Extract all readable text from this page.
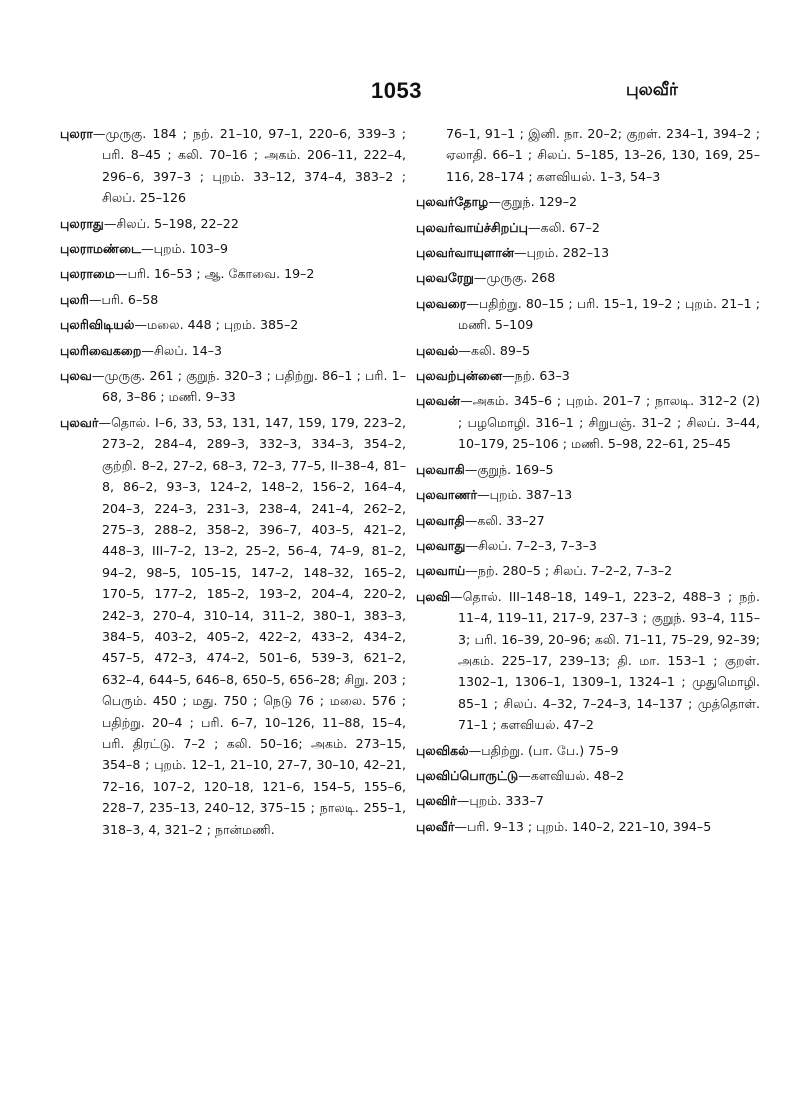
1053	புலவீர்
புலரா—முருகு. 184 ; நற். 21–10, 97–1, 220–6, 339–3 ; பரி. 8–45 ; கலி. 70–16 ; அகம். 206–11, 222–4, 296–6, 397–3 ; புறம். 33–12, 374–4, 383–2 ; சிலப். 25–126
புலராது—சிலப். 5–198, 22–22
புலராமண்டை—புறம். 103–9
புலராமை—பரி. 16–53 ; ஆ. கோவை. 19–2
புலரி—பரி. 6–58
புலரிவிடியல்—மலை. 448 ; புறம். 385–2
புலரிவைகறை—சிலப். 14–3
புலவ—முருகு. 261 ; குறுந். 320–3 ; பதிற்று. 86–1 ; பரி. 1–68, 3–86 ; மணி. 9–33
புலவர்—தொல். I–6, 33, 53, 131, 147, 159, 179, 223–2, 273–2, 284–4, 289–3, 332–3, 334–3, 354–2, குற்றி. 8–2, 27–2, 68–3, 72–3, 77–5, II–38–4, 81–8, 86–2, 93–3, 124–2, 148–2, 156–2, 164–4, 204–3, 224–3, 231–3, 238–4, 241–4, 262–2, 275–3, 288–2, 358–2, 396–7, 403–5, 421–2, 448–3, III–7–2, 13–2, 25–2, 56–4, 74–9, 81–2, 94–2, 98–5, 105–15, 147–2, 148–32, 165–2, 170–5, 177–2, 185–2, 193–2, 204–4, 220–2, 242–3, 270–4, 310–14, 311–2, 380–1, 383–3, 384–5, 403–2, 405–2, 422–2, 433–2, 434–2, 457–5, 472–3, 474–2, 501–6, 539–3, 621–2, 632–4, 644–5, 646–8, 650–5, 656–28; சிறு. 203 ; பெரும். 450 ; மது. 750 ; நெடு 76 ; மலை. 576 ; பதிற்று. 20–4 ; பரி. 6–7, 10–126, 11–88, 15–4, பரி. திரட்டு. 7–2 ; கலி. 50–16; அகம். 273–15, 354–8 ; புறம். 12–1, 21–10, 27–7, 30–10, 42–21, 72–16, 107–2, 120–18, 121–6, 154–5, 155–6, 228–7, 235–13, 240–12, 375–15 ; நாலடி. 255–1, 318–3, 4, 321–2 ; நான்மணி.
76–1, 91–1 ; இனி. நா. 20–2; குறள். 234–1, 394–2 ; ஏலாதி. 66–1 ; சிலப். 5–185, 13–26, 130, 169, 25–116, 28–174 ; களவியல். 1–3, 54–3
புலவர்தோழ—குறுந். 129–2
புலவர்வாய்ச்சிறப்பு—கலி. 67–2
புலவர்வாயுளான்—புறம். 282–13
புலவரேறு—முருகு. 268
புலவரை—பதிற்று. 80–15 ; பரி. 15–1, 19–2 ; புறம். 21–1 ; மணி. 5–109
புலவல்—கலி. 89–5
புலவற்புன்னை—நற். 63–3
புலவன்—அகம். 345–6 ; புறம். 201–7 ; நாலடி. 312–2 (2) ; பழமொழி. 316–1 ; சிறுபஞ். 31–2 ; சிலப். 3–44, 10–179, 25–106 ; மணி. 5–98, 22–61, 25–45
புலவாகி—குறுந். 169–5
புலவாணர்—புறம். 387–13
புலவாதி—கலி. 33–27
புலவாது—சிலப். 7–2–3, 7–3–3
புலவாய்—நற். 280–5 ; சிலப். 7–2–2, 7–3–2
புலவி—தொல். III–148–18, 149–1, 223–2, 488–3 ; நற். 11–4, 119–11, 217–9, 237–3 ; குறுந். 93–4, 115–3; பரி. 16–39, 20–96; கலி. 71–11, 75–29, 92–39; அகம். 225–17, 239–13; தி. மா. 153–1 ; குறள். 1302–1, 1306–1, 1309–1, 1324–1 ; முதுமொழி. 85–1 ; சிலப். 4–32, 7–24–3, 14–137 ; முத்தொள். 71–1 ; களவியல். 47–2
புலவிகல்—பதிற்று. (பா. பே.) 75–9
புலவிப்பொருட்டு—களவியல். 48–2
புலவிர்—புறம். 333–7
புலவீர்—பரி. 9–13 ; புறம். 140–2, 221–10, 394–5
